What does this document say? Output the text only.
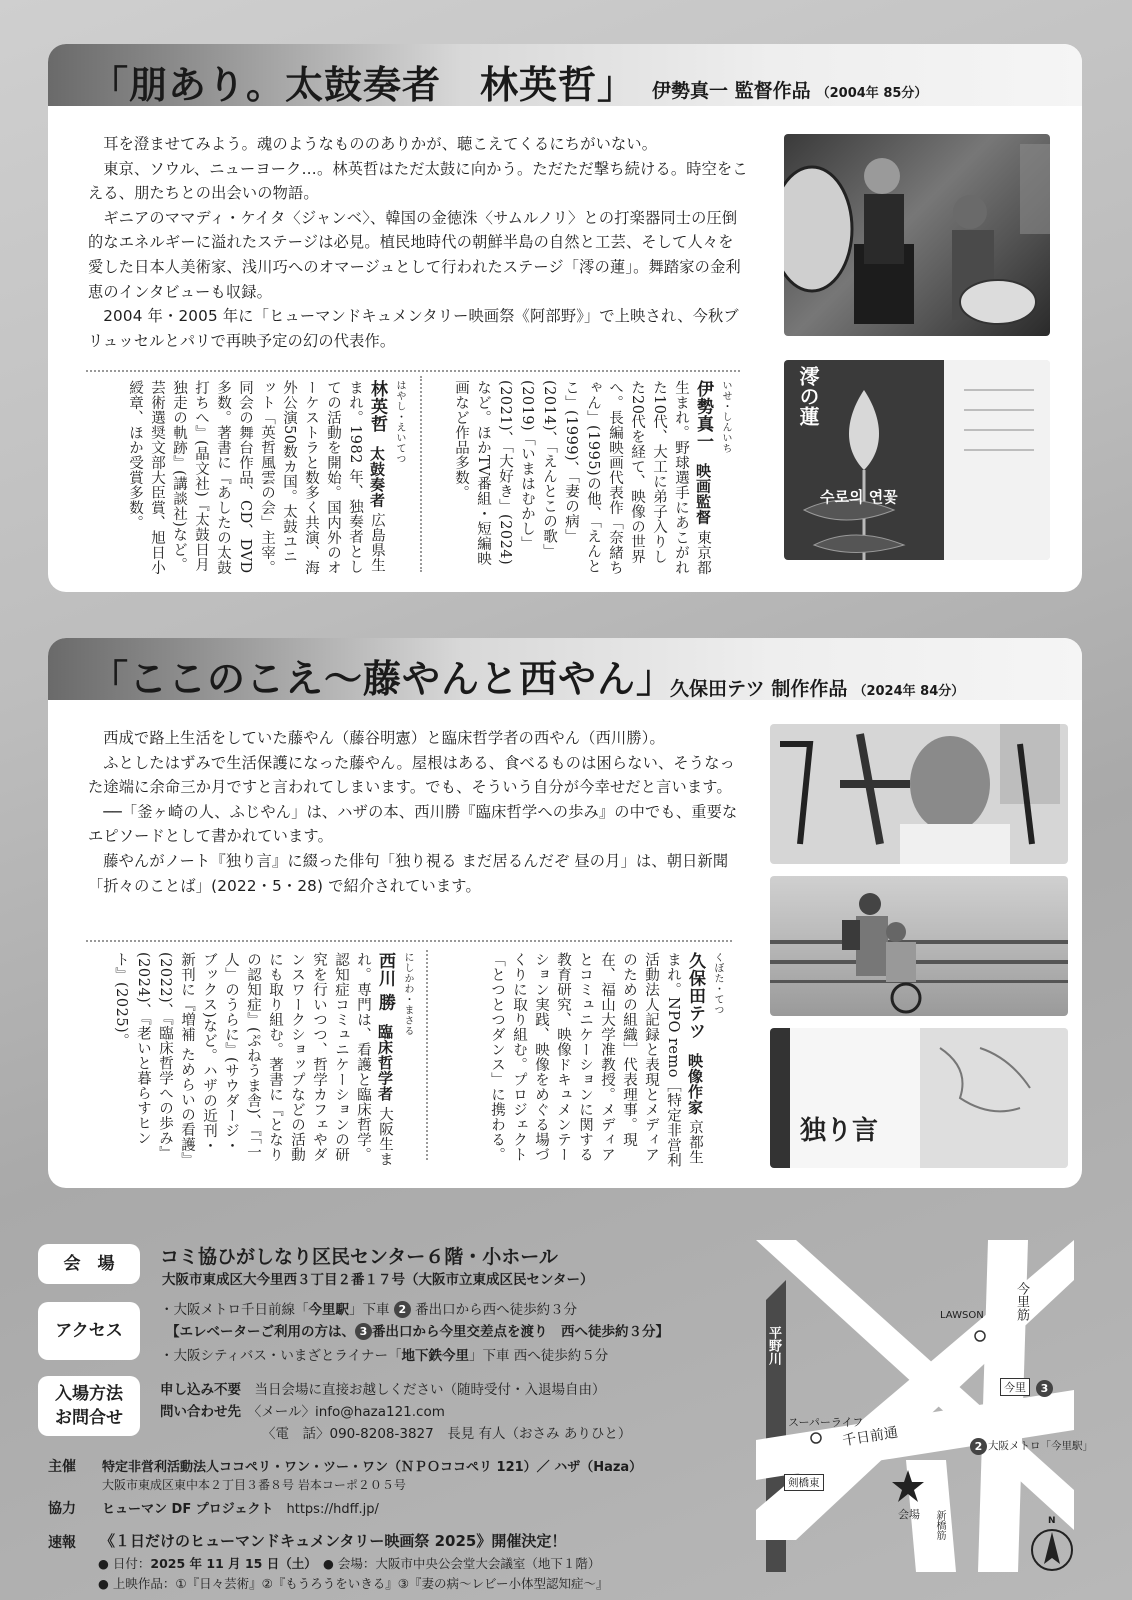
「朋あり。太鼓奏者　林英哲」 伊勢真一 監督作品 （2004年 85分）

耳を澄ませてみよう。魂のようなもののありかが、聴こえてくるにちがいない。

東京、ソウル、ニューヨーク…。林英哲はただ太鼓に向かう。ただただ撃ち続ける。時空をこえる、朋たちとの出会いの物語。

ギニアのママディ・ケイタ〈ジャンベ〉、韓国の金徳洙〈サムルノリ〉との打楽器同士の圧倒的なエネルギーに溢れたステージは必見。植民地時代の朝鮮半島の自然と工芸、そして人々を愛した日本人美術家、浅川巧へのオマージュとして行われたステージ「澪の蓮」。舞踏家の金利恵のインタビューも収録。

2004 年・2005 年に「ヒューマンドキュメンタリー映画祭《阿部野》」で上映され、今秋ブリュッセルとパリで再映予定の幻の代表作。

いせ・しんいち
伊勢真一 映画監督 東京都生まれ。野球選手にあこがれた10代、大工に弟子入りした20代を経て、映像の世界へ。長編映画代表作「奈緒ちゃん」(1995)の他、「えんとこ」(1999)、「妻の病」(2014)、「えんとこの歌」(2019)「いまはむかし」(2021)、「大好き」(2024)など。ほかTV番組・短編映画など作品多数。
はやし・えいてつ
林英哲 太鼓奏者 広島県生まれ。1982 年、独奏者としての活動を開始。国内外のオーケストラと数多く共演、海外公演50数カ国。太鼓ユニット「英哲風雲の会」主宰。同会の舞台作品、CD、DVD多数。著書に『あしたの太鼓打ちへ』(晶文社)『太鼓日月独走の軌跡』(講談社)など。芸術選奨文部大臣賞、旭日小綬章、ほか受賞多数。	澪の蓮
수로의 연꽃
「ここのこえ〜藤やんと西やん」
久保田テツ 制作作品 （2024年 84分）

西成で路上生活をしていた藤やん（藤谷明憲）と臨床哲学者の西やん（西川勝）。

ふとしたはずみで生活保護になった藤やん。屋根はある、食べるものは困らない、そうなった途端に余命三か月ですと言われてしまいます。でも、そういう自分が今幸せだと言います。

──「釜ヶ崎の人、ふじやん」は、ハザの本、西川勝『臨床哲学への歩み』の中でも、重要なエピソードとして書かれています。

藤やんがノート『独り言』に綴った俳句「独り視る まだ居るんだぞ 昼の月」は、朝日新聞「折々のことば」(2022・5・28) で紹介されています。

くぼた・てつ
久保田テツ 映像作家 京都生まれ。NPO remo［特定非営利活動法人記録と表現とメディアのための組織］代表理事。現在、福山大学准教授。メディアとコミュニケーションに関する教育研究、映像ドキュメンテーション実践、映像をめぐる場づくりに取り組む。プロジェクト「とつとつダンス」に携わる。
にしかわ・まさる
西川 勝 臨床哲学者 大阪生まれ。専門は、看護と臨床哲学。認知症コミュニケーションの研究を行いつつ、哲学カフェやダンスワークショップなどの活動にも取り組む。著書に『となりの認知症』(ぷねうま舎)、『「一人」のうらに』(サウダージ・ブックス)など。ハザの近刊・新刊に『増補 ためらいの看護』(2022)、『臨床哲学への歩み』(2024)、『老いと暮らすヒント』(2025)。
独り言
会　場	コミ協ひがしなり区民センター６階・小ホール
大阪市東成区大今里西３丁目２番１７号（大阪市立東成区民センター）
アクセス
・大阪メトロ千日前線「今里駅」下車 2 番出口から西へ徒歩約３分
【エレベーターご利用の方は、 3 番出口から今里交差点を渡り　西へ徒歩約３分】
・大阪シティバス・いまざとライナー「地下鉄今里」下車 西へ徒歩約５分
入場方法
お問合せ
申し込み不要　 当日会場に直接お越しください（随時受付・入退場自由）
問い合わせ先　 〈メール〉info@haza121.com
〈電　話〉090-8208-3827　 長見 有人（おさみ ありひと）
主催 特定非営利活動法人ココペリ・ワン・ツー・ワン（ＮＰＯココペリ 121）／ ハザ（Haza）
大阪市東成区東中本２丁目３番８号 岩本コーポ２０５号
協力 ヒューマン DF プロジェクト　 https://hdff.jp/
速報 《１日だけのヒューマンドキュメンタリー映画祭 2025》開催決定！
● 日付：2025 年 11 月 15 日（土）　 ● 会場：大阪市中央公会堂大会議室（地下１階）
● 上映作品：①『日々芸術』②『もうろうをいきる』③『妻の病〜レビー小体型認知症〜』
平野川
今里筋
LAWSON
スーパーライフ
千日前通
今里	3
2 大阪メトロ「今里駅」
剣橋東
会場 新橋筋	N
